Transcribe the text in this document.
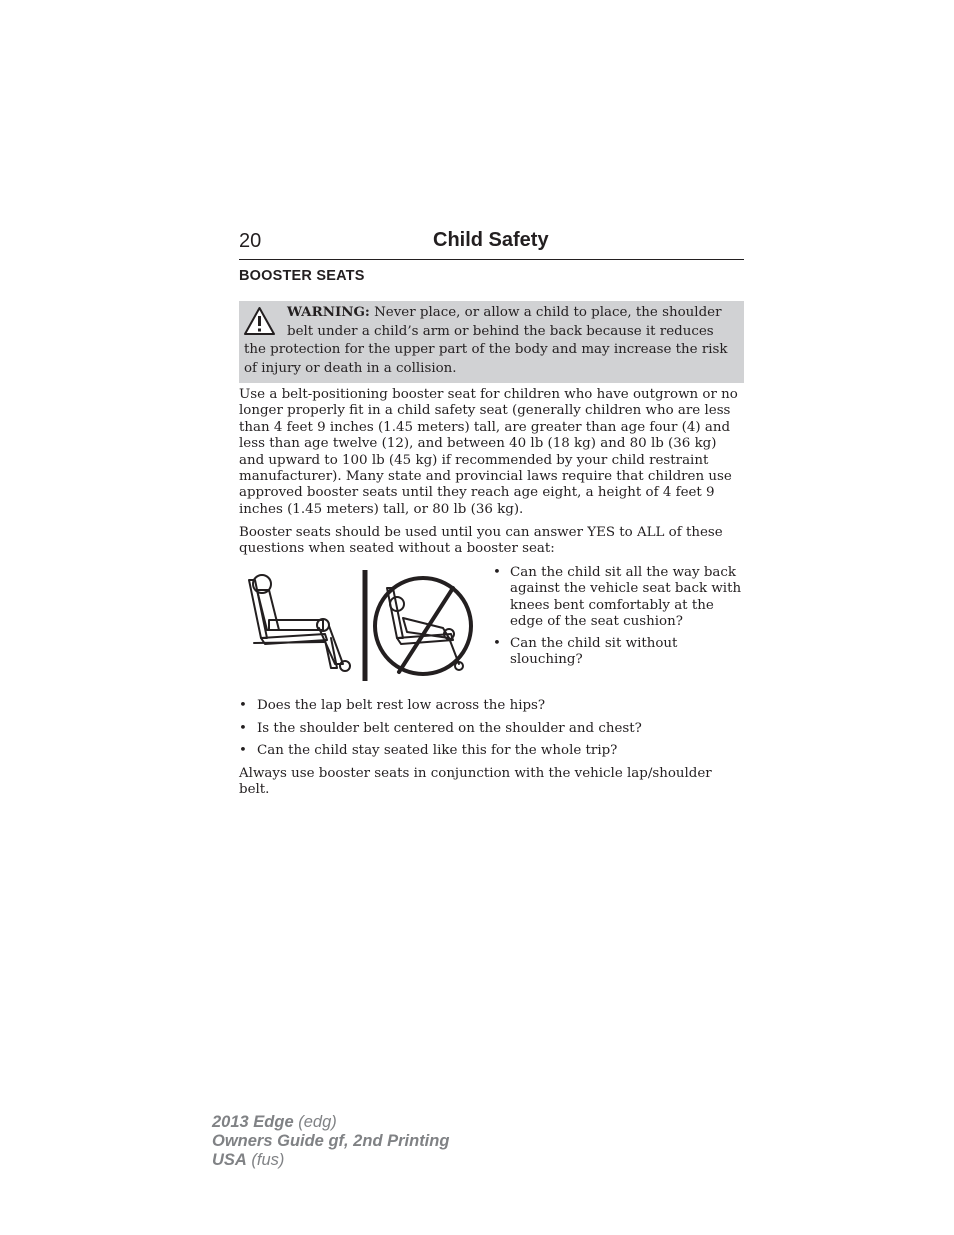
20	Child Safety
BOOSTER SEATS

WARNING: Never place, or allow a child to place, the shoulder belt under a child’s arm or behind the back because it reduces the protection for the upper part of the body and may increase the risk of injury or death in a collision.

Use a belt-positioning booster seat for children who have outgrown or no longer properly fit in a child safety seat (generally children who are less than 4 feet 9 inches (1.45 meters) tall, are greater than age four (4) and less than age twelve (12), and between 40 lb (18 kg) and 80 lb (36 kg) and upward to 100 lb (45 kg) if recommended by your child restraint manufacturer). Many state and provincial laws require that children use approved booster seats until they reach age eight, a height of 4 feet 9 inches (1.45 meters) tall, or 80 lb (36 kg).

Booster seats should be used until you can answer YES to ALL of these questions when seated without a booster seat:

• Can the child sit all the way back against the vehicle seat back with knees bent comfortably at the edge of the seat cushion?
• Can the child sit without slouching?
• Does the lap belt rest low across the hips?
• Is the shoulder belt centered on the shoulder and chest?
• Can the child stay seated like this for the whole trip?

Always use booster seats in conjunction with the vehicle lap/shoulder belt.

2013 Edge (edg)
Owners Guide gf, 2nd Printing
USA (fus)
